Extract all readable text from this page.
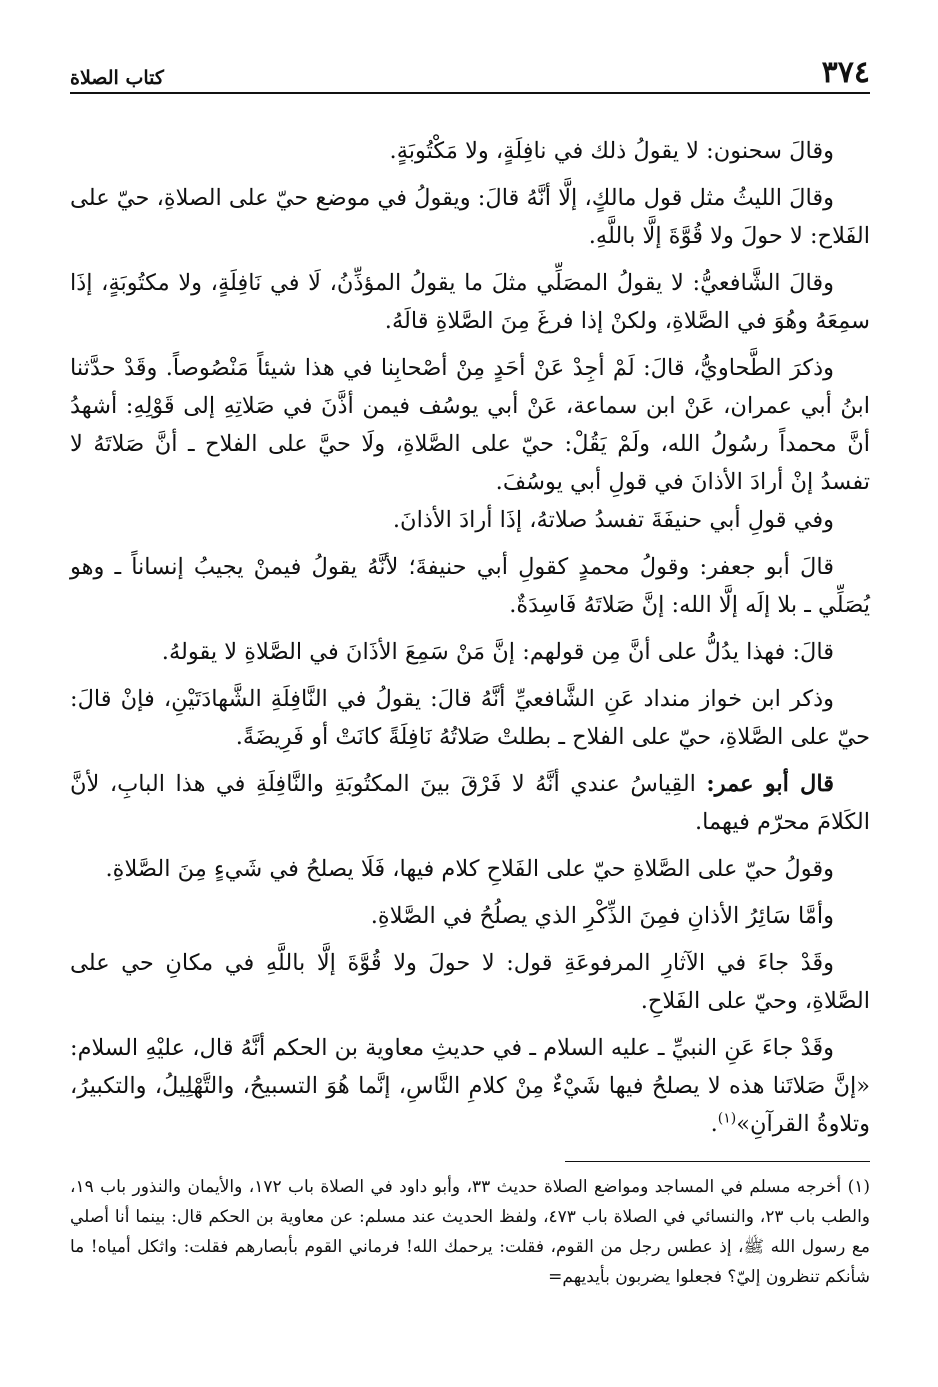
٣٧٤
كتاب الصلاة

وقالَ سحنون: لا يقولُ ذلك في نافِلَةٍ، ولا مَكْتُوبَةٍ.

وقالَ الليثُ مثل قول مالكٍ، إلَّا أنَّهُ قالَ: ويقولُ في موضع حيّ على الصلاةِ، حيّ على الفَلاح: لا حولَ ولا قُوَّةَ إلَّا باللَّهِ.

وقالَ الشَّافعيُّ: لا يقولُ المصَلِّي مثلَ ما يقولُ المؤذِّنُ، لَا في نَافِلَةٍ، ولا مكتُوبَةٍ، إذَا سمِعَهُ وهُوَ في الصَّلاةِ، ولكنْ إذا فرغَ مِنَ الصَّلاةِ قالَهُ.

وذكرَ الطَّحاويُّ، قالَ: لَمْ أجِدْ عَنْ أحَدٍ مِنْ أصْحابِنا في هذا شيئاً مَنْصُوصاً. وقَدْ حدَّثنا ابنُ أبي عمران، عَنْ ابن سماعة، عَنْ أبي يوسُف فيمن أذَّنَ في صَلاتِهِ إلى قَوْلِهِ: أشهدُ أنَّ محمداً رسُولُ الله، ولَمْ يَقُلْ: حيّ على الصَّلاةِ، ولَا حيَّ على الفلاح ـ أنَّ صَلاتَهُ لا تفسدُ إنْ أرادَ الأذانَ في قولِ أبي يوسُفَ.

وفي قولِ أبي حنيفَةَ تفسدُ صلاتهُ، إذَا أرادَ الأذانَ.

قالَ أبو جعفر: وقولُ محمدٍ كقولِ أبي حنيفةَ؛ لأنَّهُ يقولُ فيمنْ يجيبُ إنساناً ـ وهو يُصَلِّي ـ بلا إلَه إلَّا الله: إنَّ صَلاتَهُ فَاسِدَةٌ.

قالَ: فهذا يدُلُّ على أنَّ مِن قولهم: إنَّ مَنْ سَمِعَ الأذَانَ في الصَّلاةِ لا يقولهُ.

وذكر ابن خواز منداد عَنِ الشَّافعيِّ أنَّهُ قالَ: يقولُ في النَّافِلَةِ الشَّهادَتَيْنِ، فإنْ قالَ: حيّ على الصَّلاةِ، حيّ على الفلاح ـ بطلتْ صَلاتُهُ نَافِلَةً كانَتْ أو فَرِيضَةً.

قال أبو عمر: القِياسُ عندي أنَّهُ لا فَرْقَ بينَ المكتُوبَةِ والنَّافِلَةِ في هذا البابِ، لأنَّ الكَلامَ محرّم فيهما.

وقولُ حيّ على الصَّلاةِ حيّ على الفَلاحِ كلام فيها، فَلَا يصلحُ في شَيءٍ مِنَ الصَّلاةِ.

وأمَّا سَائِرُ الأذانِ فمِنَ الذِّكْرِ الذي يصلُحُ في الصَّلاةِ.

وقَدْ جاءَ في الآثارِ المرفوعَةِ قول: لا حولَ ولا قُوَّةَ إلَّا باللَّهِ في مكانِ حي على الصَّلاةِ، وحيّ على الفَلاحِ.

وقَدْ جاءَ عَنِ النبيِّ ـ عليه السلام ـ في حديثِ معاوية بن الحكم أنَّهُ قال، عليْهِ السلام: «إنَّ صَلاتَنا هذه لا يصلحُ فيها شَيْءٌ مِنْ كلامِ النَّاسِ، إنَّما هُوَ التسبيحُ، والتَّهْلِيلُ، والتكبيرُ، وتلاوةُ القرآنِ»$^{(١)}$.

(١) أخرجه مسلم في المساجد ومواضع الصلاة حديث ٣٣، وأبو داود في الصلاة باب ١٧٢، والأيمان والنذور باب ١٩، والطب باب ٢٣، والنسائي في الصلاة باب ٤٧٣، ولفظ الحديث عند مسلم: عن معاوية بن الحكم قال: بينما أنا أصلي مع رسول الله ﷺ، إذ عطس رجل من القوم، فقلت: يرحمك الله! فرماني القوم بأبصارهم فقلت: واثكل أمياه! ما شأنكم تنظرون إليّ؟ فجعلوا يضربون بأيديهم=
